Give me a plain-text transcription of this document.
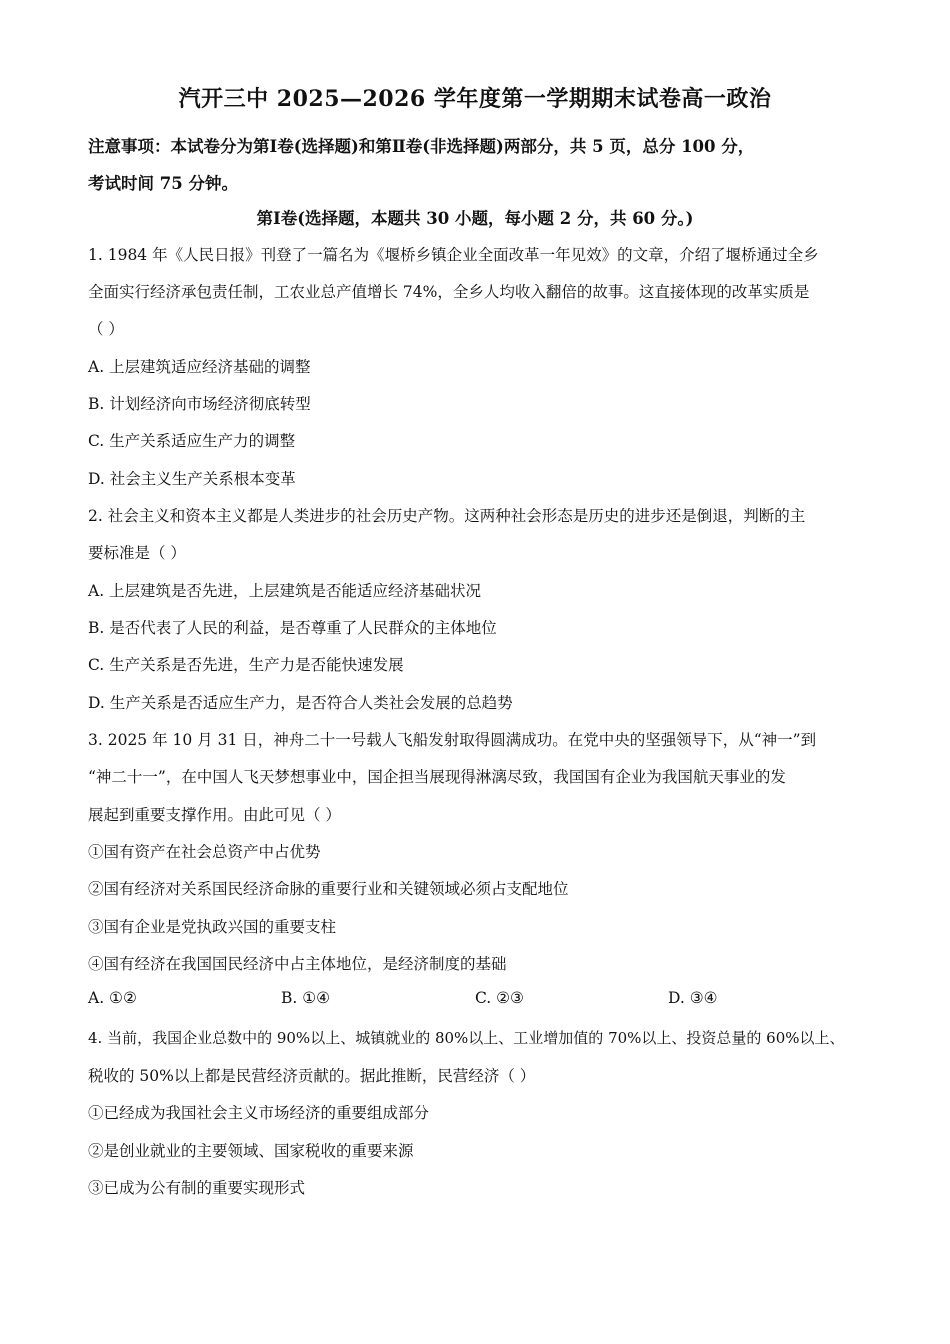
汽开三中 2025—2026 学年度第一学期期末试卷高一政治
注意事项：本试卷分为第Ⅰ卷(选择题)和第Ⅱ卷(非选择题)两部分，共 5 页，总分 100 分，
考试时间 75 分钟。
第Ⅰ卷(选择题，本题共 30 小题，每小题 2 分，共 60 分。)
1. 1984 年《人民日报》刊登了一篇名为《堰桥乡镇企业全面改革一年见效》的文章，介绍了堰桥通过全乡
全面实行经济承包责任制，工农业总产值增长 74%，全乡人均收入翻倍的故事。这直接体现的改革实质是
（ ）
A. 上层建筑适应经济基础的调整
B. 计划经济向市场经济彻底转型
C. 生产关系适应生产力的调整
D. 社会主义生产关系根本变革
2. 社会主义和资本主义都是人类进步的社会历史产物。这两种社会形态是历史的进步还是倒退，判断的主
要标准是（ ）
A. 上层建筑是否先进，上层建筑是否能适应经济基础状况
B. 是否代表了人民的利益，是否尊重了人民群众的主体地位
C. 生产关系是否先进，生产力是否能快速发展
D. 生产关系是否适应生产力，是否符合人类社会发展的总趋势
3. 2025 年 10 月 31 日，神舟二十一号载人飞船发射取得圆满成功。在党中央的坚强领导下，从“神一”到
“神二十一”，在中国人飞天梦想事业中，国企担当展现得淋漓尽致，我国国有企业为我国航天事业的发
展起到重要支撑作用。由此可见（ ）
①国有资产在社会总资产中占优势
②国有经济对关系国民经济命脉的重要行业和关键领域必须占支配地位
③国有企业是党执政兴国的重要支柱
④国有经济在我国国民经济中占主体地位，是经济制度的基础
A. ①②	B. ①④	C. ②③	D. ③④
4. 当前，我国企业总数中的 90%以上、城镇就业的 80%以上、工业增加值的 70%以上、投资总量的 60%以上、
税收的 50%以上都是民营经济贡献的。据此推断，民营经济（ ）
①已经成为我国社会主义市场经济的重要组成部分
②是创业就业的主要领域、国家税收的重要来源
③已成为公有制的重要实现形式
